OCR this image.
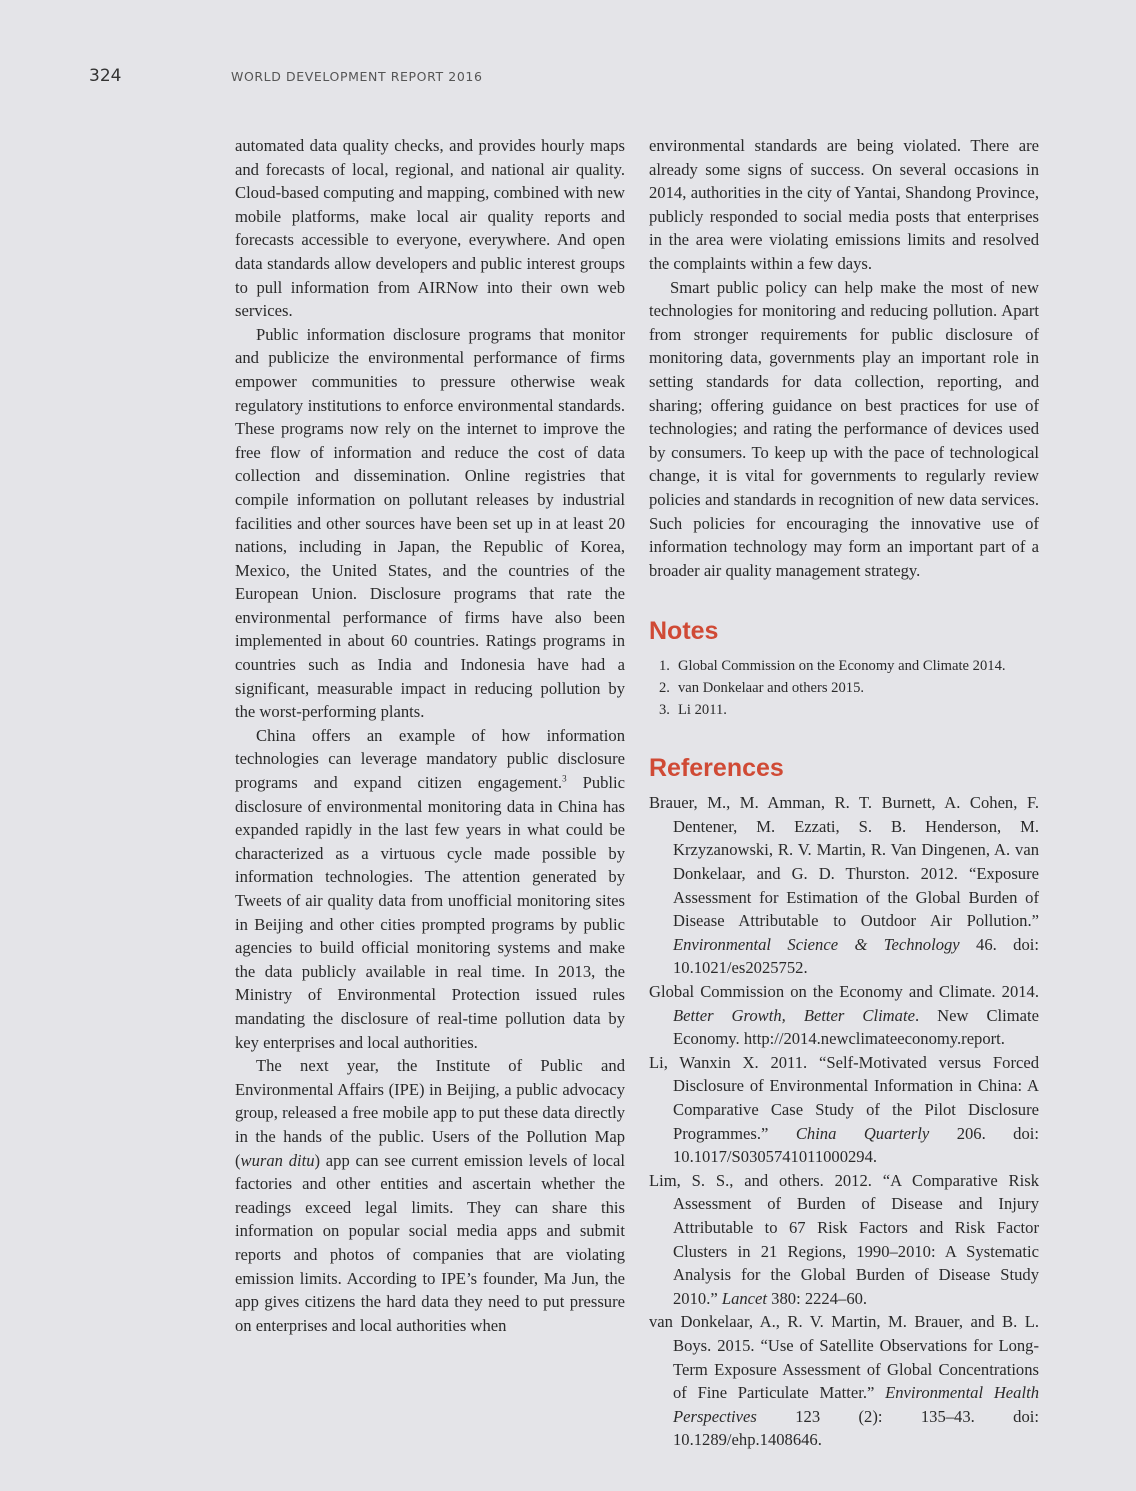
324	WORLD DEVELOPMENT REPORT 2016

automated data quality checks, and provides hourly maps and forecasts of local, regional, and national air quality. Cloud-based computing and mapping, combined with new mobile platforms, make local air quality reports and forecasts accessible to everyone, everywhere. And open data standards allow developers and public interest groups to pull information from AIRNow into their own web services.

Public information disclosure programs that monitor and publicize the environmental performance of firms empower communities to pressure otherwise weak regulatory institutions to enforce environmental standards. These programs now rely on the internet to improve the free flow of information and reduce the cost of data collection and dissemination. Online registries that compile information on pollutant releases by industrial facilities and other sources have been set up in at least 20 nations, including in Japan, the Republic of Korea, Mexico, the United States, and the countries of the European Union. Disclosure programs that rate the environmental performance of firms have also been implemented in about 60 countries. Ratings programs in countries such as India and Indonesia have had a significant, measurable impact in reducing pollution by the worst-performing plants.

China offers an example of how information technologies can leverage mandatory public disclosure programs and expand citizen engagement.$^3$ Public disclosure of environmental monitoring data in China has expanded rapidly in the last few years in what could be characterized as a virtuous cycle made possible by information technologies. The attention generated by Tweets of air quality data from unofficial monitoring sites in Beijing and other cities prompted programs by public agencies to build official monitoring systems and make the data publicly available in real time. In 2013, the Ministry of Environmental Protection issued rules mandating the disclosure of real-time pollution data by key enterprises and local authorities.

The next year, the Institute of Public and Environmental Affairs (IPE) in Beijing, a public advocacy group, released a free mobile app to put these data directly in the hands of the public. Users of the Pollution Map (wuran ditu) app can see current emission levels of local factories and other entities and ascertain whether the readings exceed legal limits. They can share this information on popular social media apps and submit reports and photos of companies that are violating emission limits. According to IPE’s founder, Ma Jun, the app gives citizens the hard data they need to put pressure on enterprises and local authorities when

environmental standards are being violated. There are already some signs of success. On several occasions in 2014, authorities in the city of Yantai, Shandong Province, publicly responded to social media posts that enterprises in the area were violating emissions limits and resolved the complaints within a few days.

Smart public policy can help make the most of new technologies for monitoring and reducing pollution. Apart from stronger requirements for public disclosure of monitoring data, governments play an important role in setting standards for data collection, reporting, and sharing; offering guidance on best practices for use of technologies; and rating the performance of devices used by consumers. To keep up with the pace of technological change, it is vital for governments to regularly review policies and standards in recognition of new data services. Such policies for encouraging the innovative use of information technology may form an important part of a broader air quality management strategy.

Notes
1. Global Commission on the Economy and Climate 2014.
2. van Donkelaar and others 2015.
3. Li 2011.
References

Brauer, M., M. Amman, R. T. Burnett, A. Cohen, F. Dentener, M. Ezzati, S. B. Henderson, M. Krzyzanowski, R. V. Martin, R. Van Dingenen, A. van Donkelaar, and G. D. Thurston. 2012. “Exposure Assessment for Estimation of the Global Burden of Disease Attributable to Outdoor Air Pollution.” Environmental Science & Technology 46. doi: 10.1021/es2025752.

Global Commission on the Economy and Climate. 2014. Better Growth, Better Climate. New Climate Economy. http://2014.newclimateeconomy.report.

Li, Wanxin X. 2011. “Self-Motivated versus Forced Disclosure of Environmental Information in China: A Comparative Case Study of the Pilot Disclosure Programmes.” China Quarterly 206. doi: 10.1017/S0305741011000294.

Lim, S. S., and others. 2012. “A Comparative Risk Assessment of Burden of Disease and Injury Attributable to 67 Risk Factors and Risk Factor Clusters in 21 Regions, 1990–2010: A Systematic Analysis for the Global Burden of Disease Study 2010.” Lancet 380: 2224–60.

van Donkelaar, A., R. V. Martin, M. Brauer, and B. L. Boys. 2015. “Use of Satellite Observations for Long-Term Exposure Assessment of Global Concentrations of Fine Particulate Matter.” Environmental Health Perspectives 123 (2): 135–43. doi: 10.1289/ehp.1408646.
